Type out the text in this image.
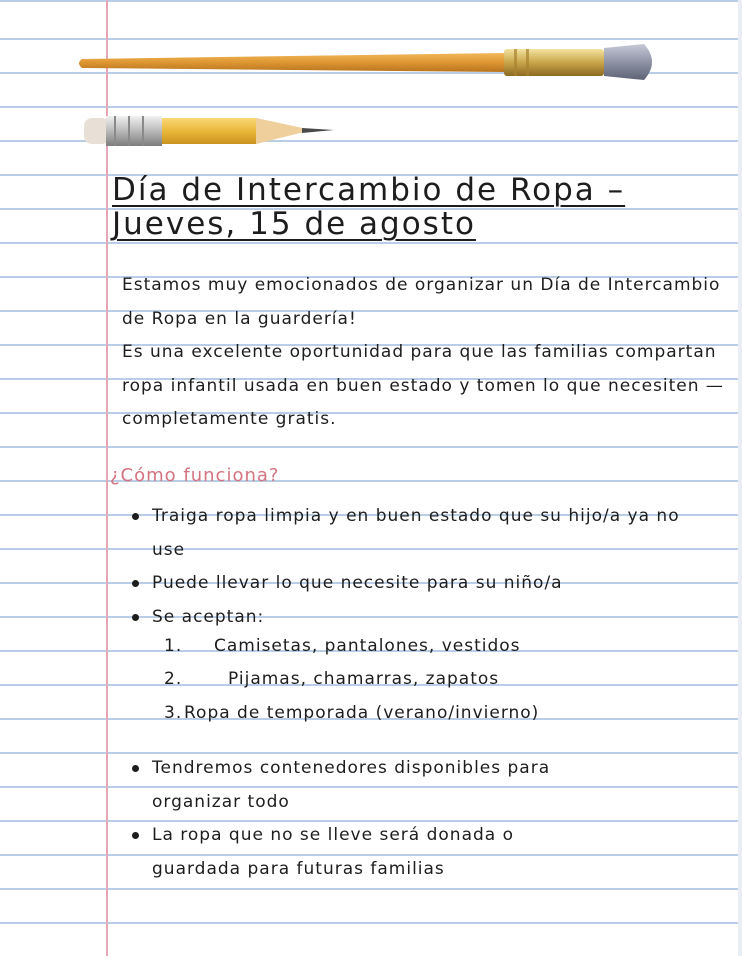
Día de Intercambio de Ropa –
Jueves, 15 de agosto

Estamos muy emocionados de organizar un Día de Intercambio de Ropa en la guardería!
Es una excelente oportunidad para que las familias compartan ropa infantil usada en buen estado y tomen lo que necesiten — completamente gratis.

¿Cómo funciona?
Traiga ropa limpia y en buen estado que su hijo/a ya no use
Puede llevar lo que necesite para su niño/a
Se aceptan:
1. Camisetas, pantalones, vestidos
2.	Pijamas, chamarras, zapatos
3. Ropa de temporada (verano/invierno)
Tendremos contenedores disponibles para organizar todo
La ropa que no se lleve será donada o guardada para futuras familias
